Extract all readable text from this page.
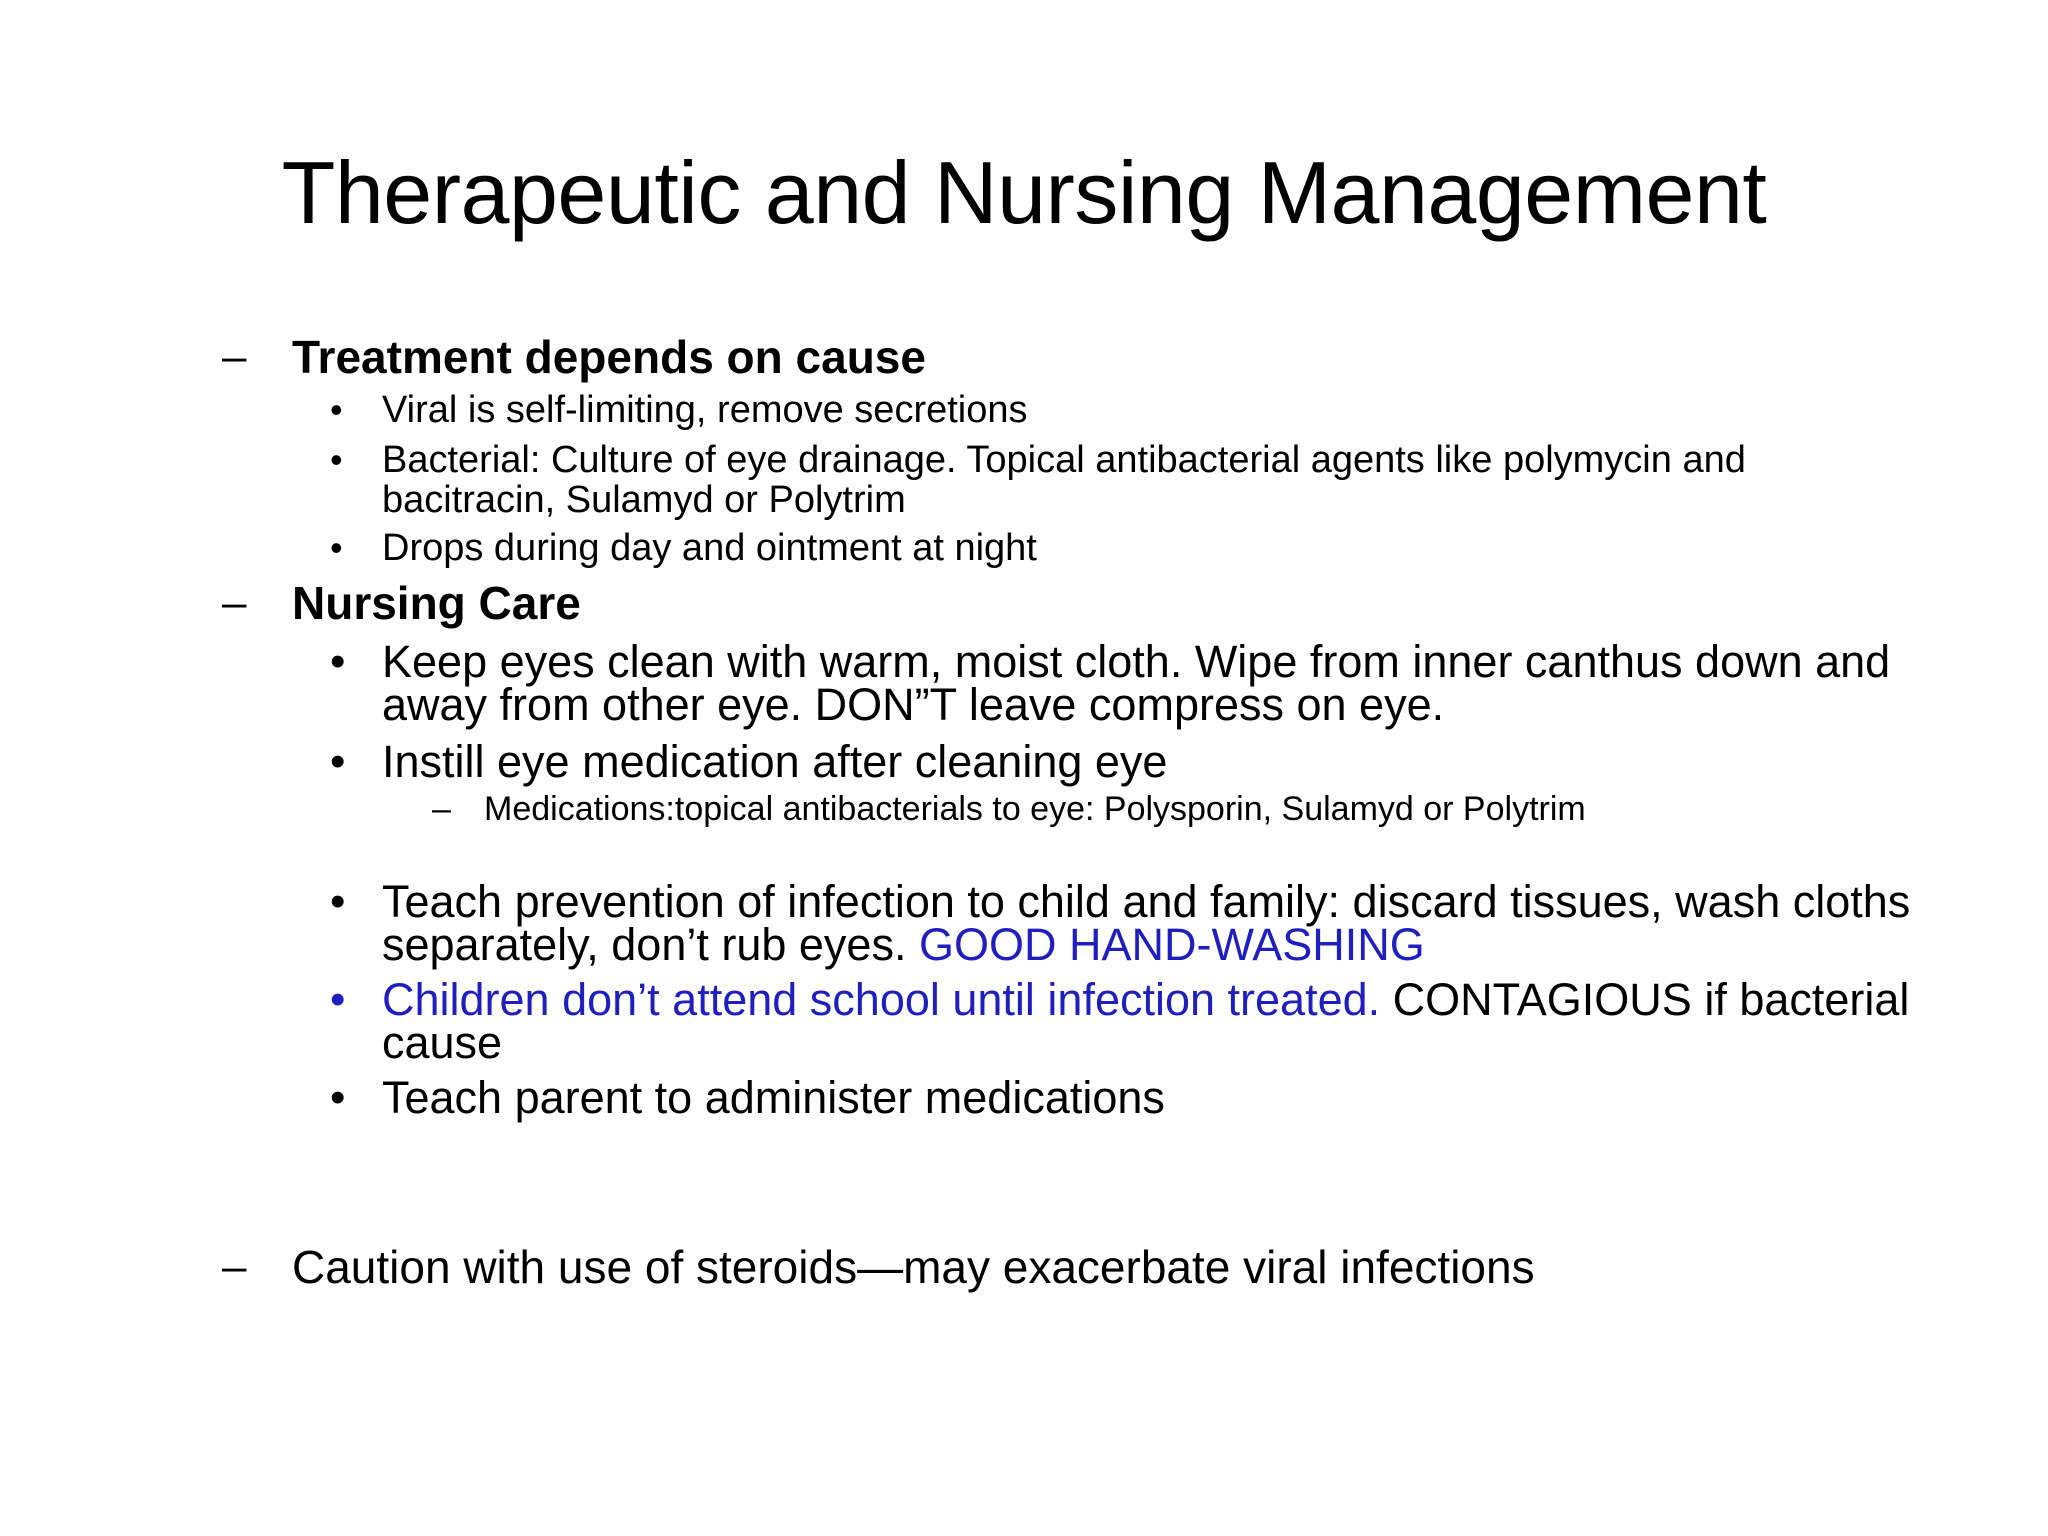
Therapeutic and Nursing Management
– Treatment depends on cause
• Viral is self-limiting, remove secretions
• Bacterial: Culture of eye drainage. Topical antibacterial agents like polymycin and bacitracin, Sulamyd or Polytrim
• Drops during day and ointment at night
– Nursing Care
• Keep eyes clean with warm, moist cloth. Wipe from inner canthus down and away from other eye. DON”T leave compress on eye.
• Instill eye medication after cleaning eye
– Medications:topical antibacterials to eye: Polysporin, Sulamyd or Polytrim
• Teach prevention of infection to child and family: discard tissues, wash cloths separately, don’t rub eyes. GOOD HAND-WASHING
• Children don’t attend school until infection treated. CONTAGIOUS if bacterial cause
• Teach parent to administer medications
– Caution with use of steroids—may exacerbate viral infections
